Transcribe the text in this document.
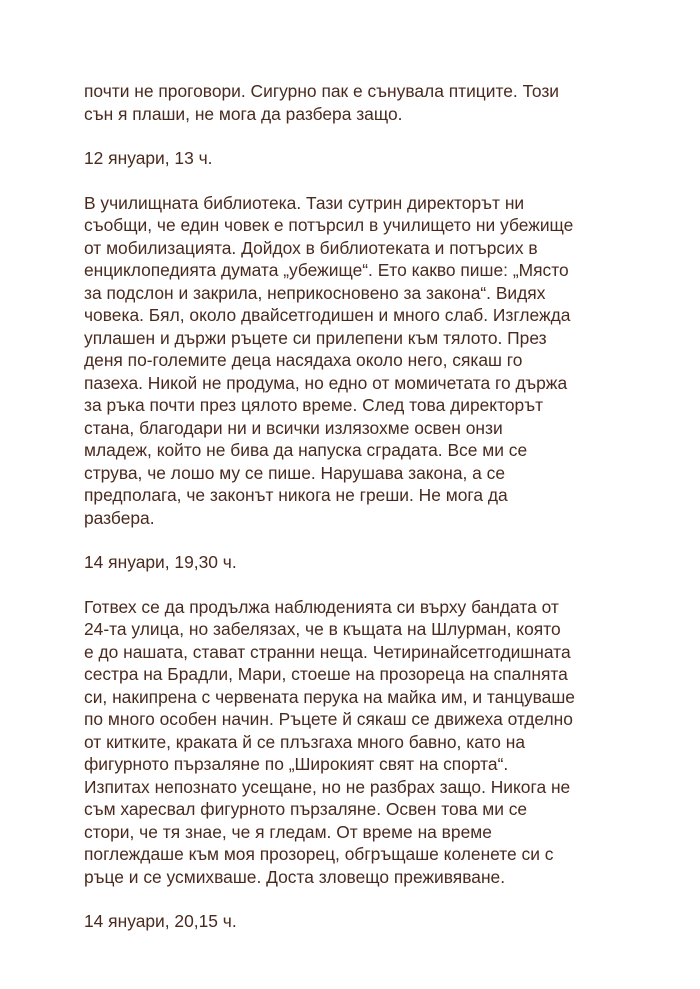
почти не проговори. Сигурно пак е сънувала птиците. Този
сън я плаши, не мога да разбера защо.

12 януари, 13 ч.

В училищната библиотека. Тази сутрин директорът ни
съобщи, че един човек е потърсил в училището ни убежище
от мобилизацията. Дойдох в библиотеката и потърсих в
енциклопедията думата „убежище“. Ето какво пише: „Място
за подслон и закрила, неприкосновено за закона“. Видях
човека. Бял, около двайсетгодишен и много слаб. Изглежда
уплашен и държи ръцете си прилепени към тялото. През
деня по-големите деца насядаха около него, сякаш го
пазеха. Никой не продума, но едно от момичетата го държа
за ръка почти през цялото време. След това директорът
стана, благодари ни и всички излязохме освен онзи
младеж, който не бива да напуска сградата. Все ми се
струва, че лошо му се пише. Нарушава закона, а се
предполага, че законът никога не греши. Не мога да
разбера.

14 януари, 19,30 ч.

Готвех се да продължа наблюденията си върху бандата от
24-та улица, но забелязах, че в къщата на Шлурман, която
е до нашата, стават странни неща. Четиринайсетгодишната
сестра на Брадли, Мари, стоеше на прозореца на спалнята
си, накипрена с червената перука на майка им, и танцуваше
по много особен начин. Ръцете й сякаш се движеха отделно
от китките, краката й се плъзгаха много бавно, като на
фигурното пързаляне по „Широкият свят на спорта“.
Изпитах непознато усещане, но не разбрах защо. Никога не
съм харесвал фигурното пързаляне. Освен това ми се
стори, че тя знае, че я гледам. От време на време
поглеждаше към моя прозорец, обгръщаше коленете си с
ръце и се усмихваше. Доста зловещо преживяване.

14 януари, 20,15 ч.
